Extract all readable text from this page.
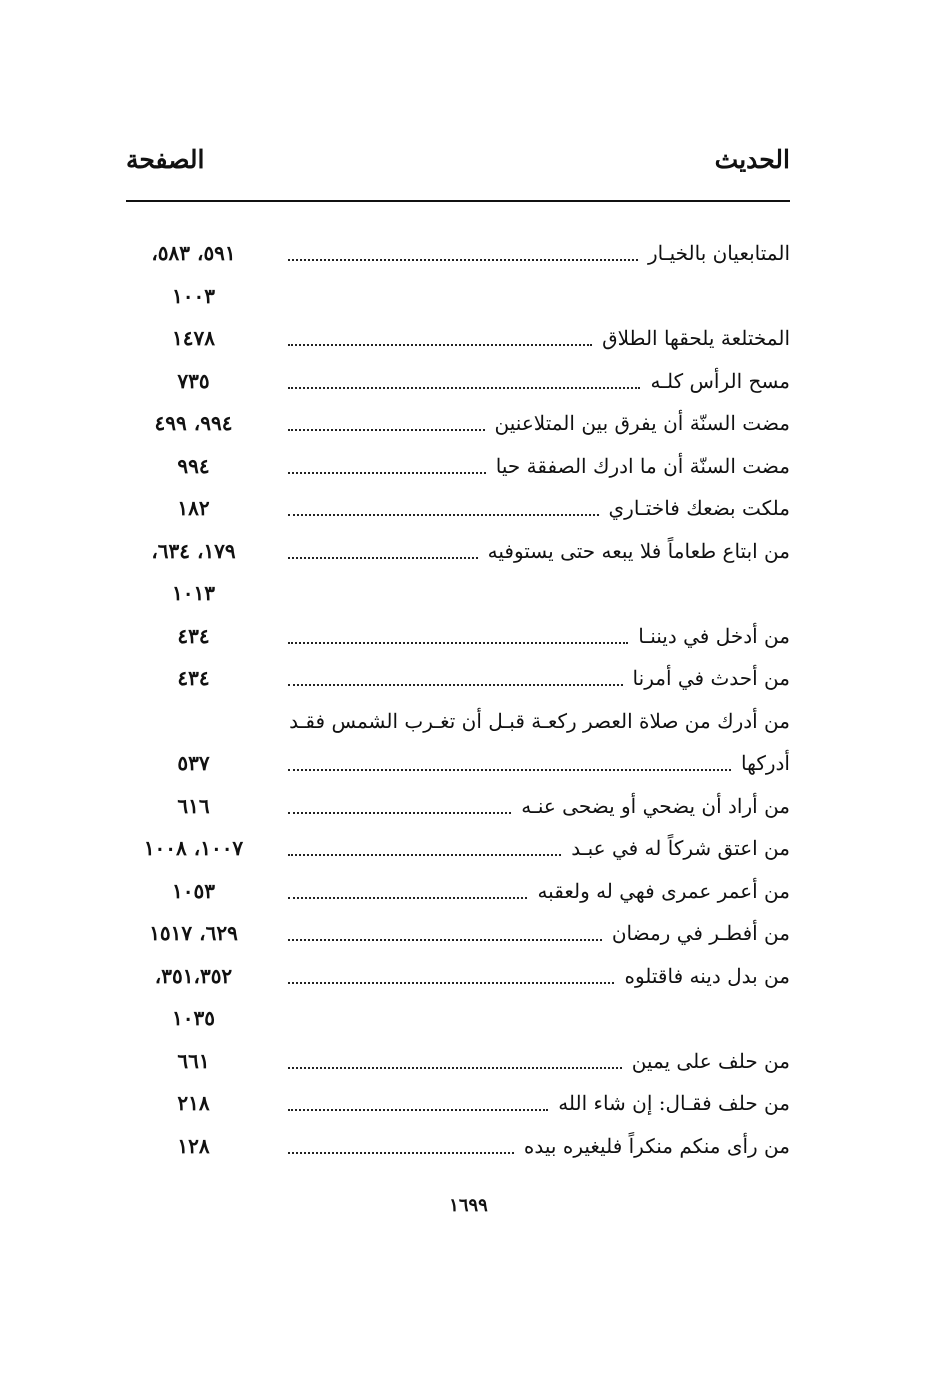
الحديث
الصفحة
المتابعيان بالخيـار
٥٩١، ٥٨٣،
١٠٠٣
المختلعة يلحقها الطلاق
١٤٧٨
مسح الرأس كلـه
٧٣٥
مضت السنّة أن يفرق بين المتلاعنين
٩٩٤، ٤٩٩
مضت السنّة أن ما ادرك الصفقة حيا
٩٩٤
ملكت بضعك فاختـاري
١٨٢
من ابتاع طعاماً فلا يبعه حتى يستوفيه
١٧٩، ٦٣٤،
١٠١٣
من أدخل في ديننـا
٤٣٤
من أحدث في أمرنا
٤٣٤
من أدرك من صلاة العصر ركعـة قبـل أن تغـرب الشمس فقـد
أدركها
٥٣٧
من أراد أن يضحي أو يضحى عنـه
٦١٦
من اعتق شركاً له في عبـد
١٠٠٧، ١٠٠٨
من أعمر عمرى فهي له ولعقبه
١٠٥٣
من أفطـر في رمضان
٦٢٩، ١٥١٧
من بدل دينه فاقتلوه
٣٥١،٣٥٢،
١٠٣٥
من حلف على يمين
٦٦١
من حلف فقـال: إن شاء الله
٢١٨
من رأى منكم منكراً فليغيره بيده
١٢٨
١٦٩٩
